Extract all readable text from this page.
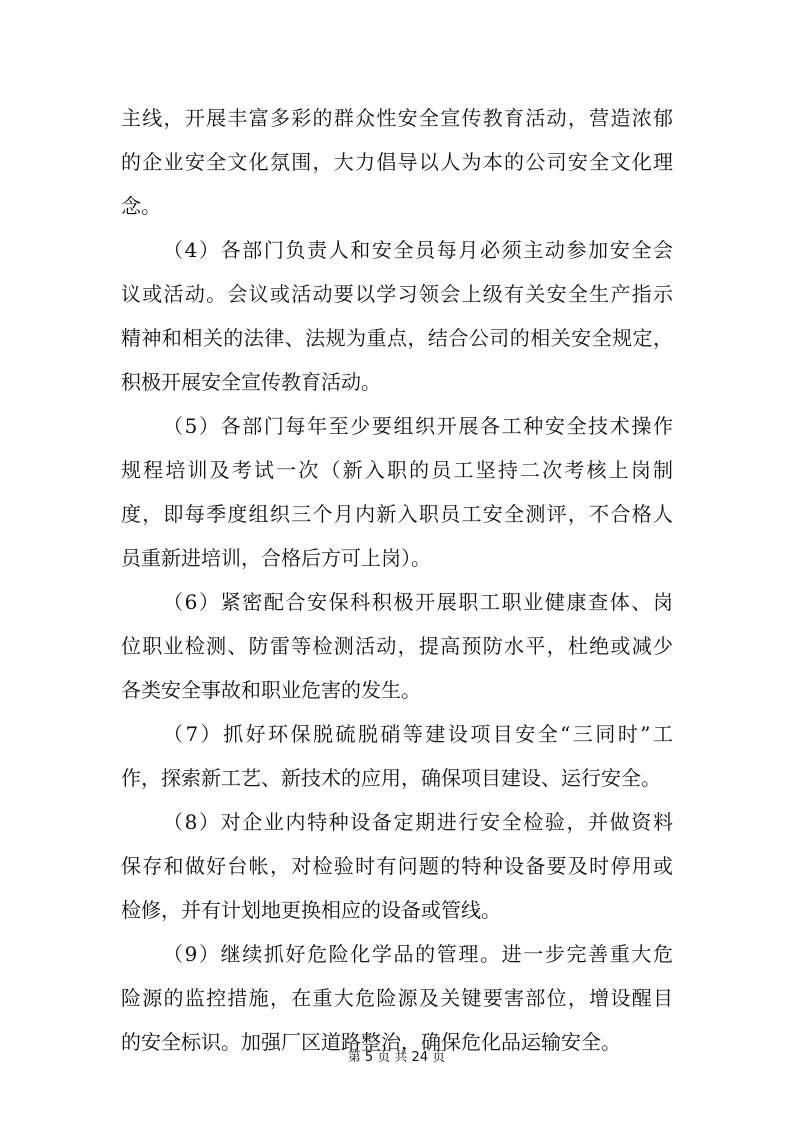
主线，开展丰富多彩的群众性安全宣传教育活动，营造浓郁
的企业安全文化氛围，大力倡导以人为本的公司安全文化理
念。
（4）各部门负责人和安全员每月必须主动参加安全会
议或活动。会议或活动要以学习领会上级有关安全生产指示
精神和相关的法律、法规为重点，结合公司的相关安全规定，
积极开展安全宣传教育活动。
（5）各部门每年至少要组织开展各工种安全技术操作
规程培训及考试一次（新入职的员工坚持二次考核上岗制
度，即每季度组织三个月内新入职员工安全测评，不合格人
员重新进培训，合格后方可上岗）。
（6）紧密配合安保科积极开展职工职业健康查体、岗
位职业检测、防雷等检测活动，提高预防水平，杜绝或减少
各类安全事故和职业危害的发生。
（7）抓好环保脱硫脱硝等建设项目安全“三同时”工
作，探索新工艺、新技术的应用，确保项目建设、运行安全。
（8）对企业内特种设备定期进行安全检验，并做资料
保存和做好台帐，对检验时有问题的特种设备要及时停用或
检修，并有计划地更换相应的设备或管线。
（9）继续抓好危险化学品的管理。进一步完善重大危
险源的监控措施，在重大危险源及关键要害部位，增设醒目
的安全标识。加强厂区道路整治，确保危化品运输安全。
第 5 页 共 24 页
